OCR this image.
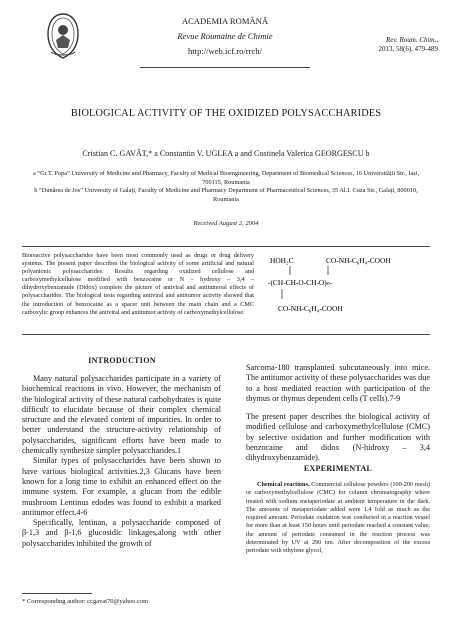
ACADEMIA ROMÂNĂ
Revue Roumaine de Chimie
http://web.icf.ro/rrch/
Rev. Roum. Chim.,
2013, 58(6), 479-489
BIOLOGICAL ACTIVITY OF THE OXIDIZED POLYSACCHARIDES
Cristian C. GAVĂT,* a Constantin V. UGLEA a and Costinela Valerica GEORGESCU b
a “Gr.T. Popa” University of Medicine and Pharmacy, Faculty of Medical Bioengineering, Department of Biomedical Sciences, 16 Universității Str., Iași, 700115, Roumania
b “Dunărea de Jos” University of Galați, Faculty of Medicine and Pharmacy Department of Pharmaceutical Sciences, 35 Al.I. Cuza Str., Galați, 800010, Roumania
Received August 2, 2004
Bioreactive polysaccharides have been most commonly used as drugs or drug delivery systems. The present paper describes the biological activity of some artificial and natural polyanionic polysaccharides. Results regarding oxidized cellulose and carboxymethylcellulose modified with benzocaine or N – hydroxy – 3,4 – dihydroxybenzamide (Didox) complete the picture of antiviral and antitumoral effects of polysaccharides. The biological tests regarding antiviral and antitumor activity showed that the introduction of benzocaine as a spacer unit between the main chain and a CMC carboxylic group enhances the antiviral and antitumor activity of carboxymethylcellulose.
HOH₂C	CO-NH-C₆H₄-COOH
-(CH-CH-O-CH-O)ₙ-
CO-NH-C₆H₄-COOH
INTRODUCTION

Many natural polysaccharides participate in a variety of biochemical reactions in vivo. However, the mechanism of the biological activity of these natural carbohydrates is quite difficult to elucidate because of their complex chemical structure and the elevated content of impurities. In order to better understand the structure-activity relationship of polysaccharides, significant efforts have been made to chemically synthesize simpler polysaccharides.1

Similar types of polysaccharides have been shown to have various biological activities.2,3 Glucans have been known for a long time to exhibit an enhanced effect on the immune system. For example, a glucan from the edible mushroom Lentinus edodes was found to exhibit a marked antitumor effect.4-6

Specifically, lentinan, a polysaccharide composed of β-1,3 and β-1,6 glucosidic linkages,along with other polysaccharides inhibited the growth of

Sarcoma-180 transplanted subcutaneously into mice. The antitumor activity of these polysaccharides was due to a host mediated reaction with participation of the thymus or thymus dependent cells (T cells).7-9

The present paper describes the biological activity of modified cellulose and carboxymethylcellulose (CMC) by selective oxidation and further modification with benzocaine and didox (N-hidroxy – 3,4 dihydroxybenzamide).

EXPERIMENTAL

Chemical reactions. Commercial cellulose powders (100-200 mesh) or carboxymethylcellulose (CMC) for column chromatography where treated with sodium metaperiodate at ambient temperature in the dark. The amounts of metaperiodate added were 1.4 fold as much as the required amount. Periodate oxidation was conducted in a reaction vessel for more than at least 150 hours until periodate reached a constant value; the amount of periodate consumed in the reaction process was determinated by UV at 290 nm. After decomposition of the excess periodate with ethylene glycol,

* Corresponding author: ccgavat70@yahoo.com
